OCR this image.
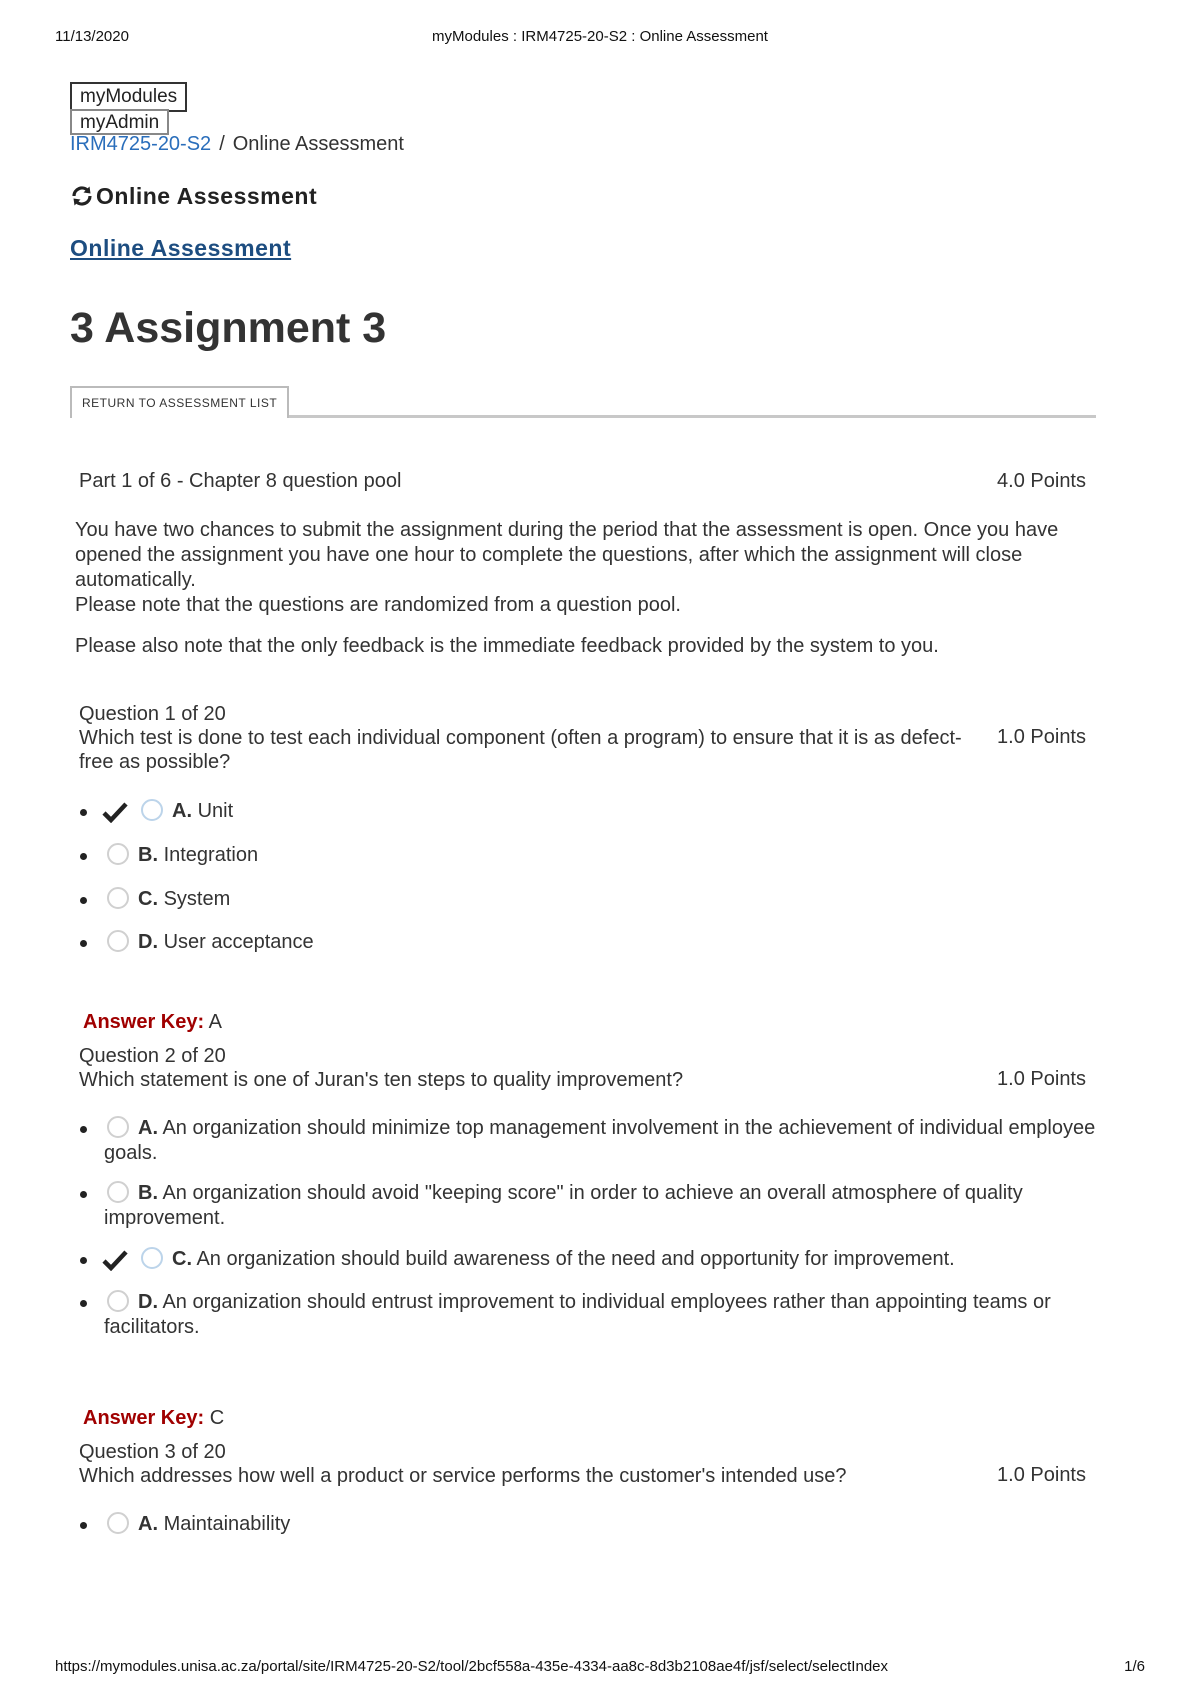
11/13/2020	myModules : IRM4725-20-S2 : Online Assessment
myModules
myAdmin
IRM4725-20-S2 / Online Assessment
Online Assessment
Online Assessment
3 Assignment 3
RETURN TO ASSESSMENT LIST
Part 1 of 6 - Chapter 8 question pool	4.0 Points

You have two chances to submit the assignment during the period that the assessment is open. Once you have opened the assignment you have one hour to complete the questions, after which the assignment will close automatically.

Please note that the questions are randomized from a question pool.

Please also note that the only feedback is the immediate feedback provided by the system to you.

Question 1 of 20
Which test is done to test each individual component (often a program) to ensure that it is as defect-free as possible?
1.0 Points
A. Unit
B. Integration
C. System
D. User acceptance
Answer Key: A
Question 2 of 20
Which statement is one of Juran's ten steps to quality improvement?	1.0 Points
A. An organization should minimize top management involvement in the achievement of individual employee goals.
B. An organization should avoid "keeping score" in order to achieve an overall atmosphere of quality improvement.
C. An organization should build awareness of the need and opportunity for improvement.
D. An organization should entrust improvement to individual employees rather than appointing teams or facilitators.
Answer Key: C
Question 3 of 20
Which addresses how well a product or service performs the customer's intended use?	1.0 Points
A. Maintainability
https://mymodules.unisa.ac.za/portal/site/IRM4725-20-S2/tool/2bcf558a-435e-4334-aa8c-8d3b2108ae4f/jsf/select/selectIndex	1/6
